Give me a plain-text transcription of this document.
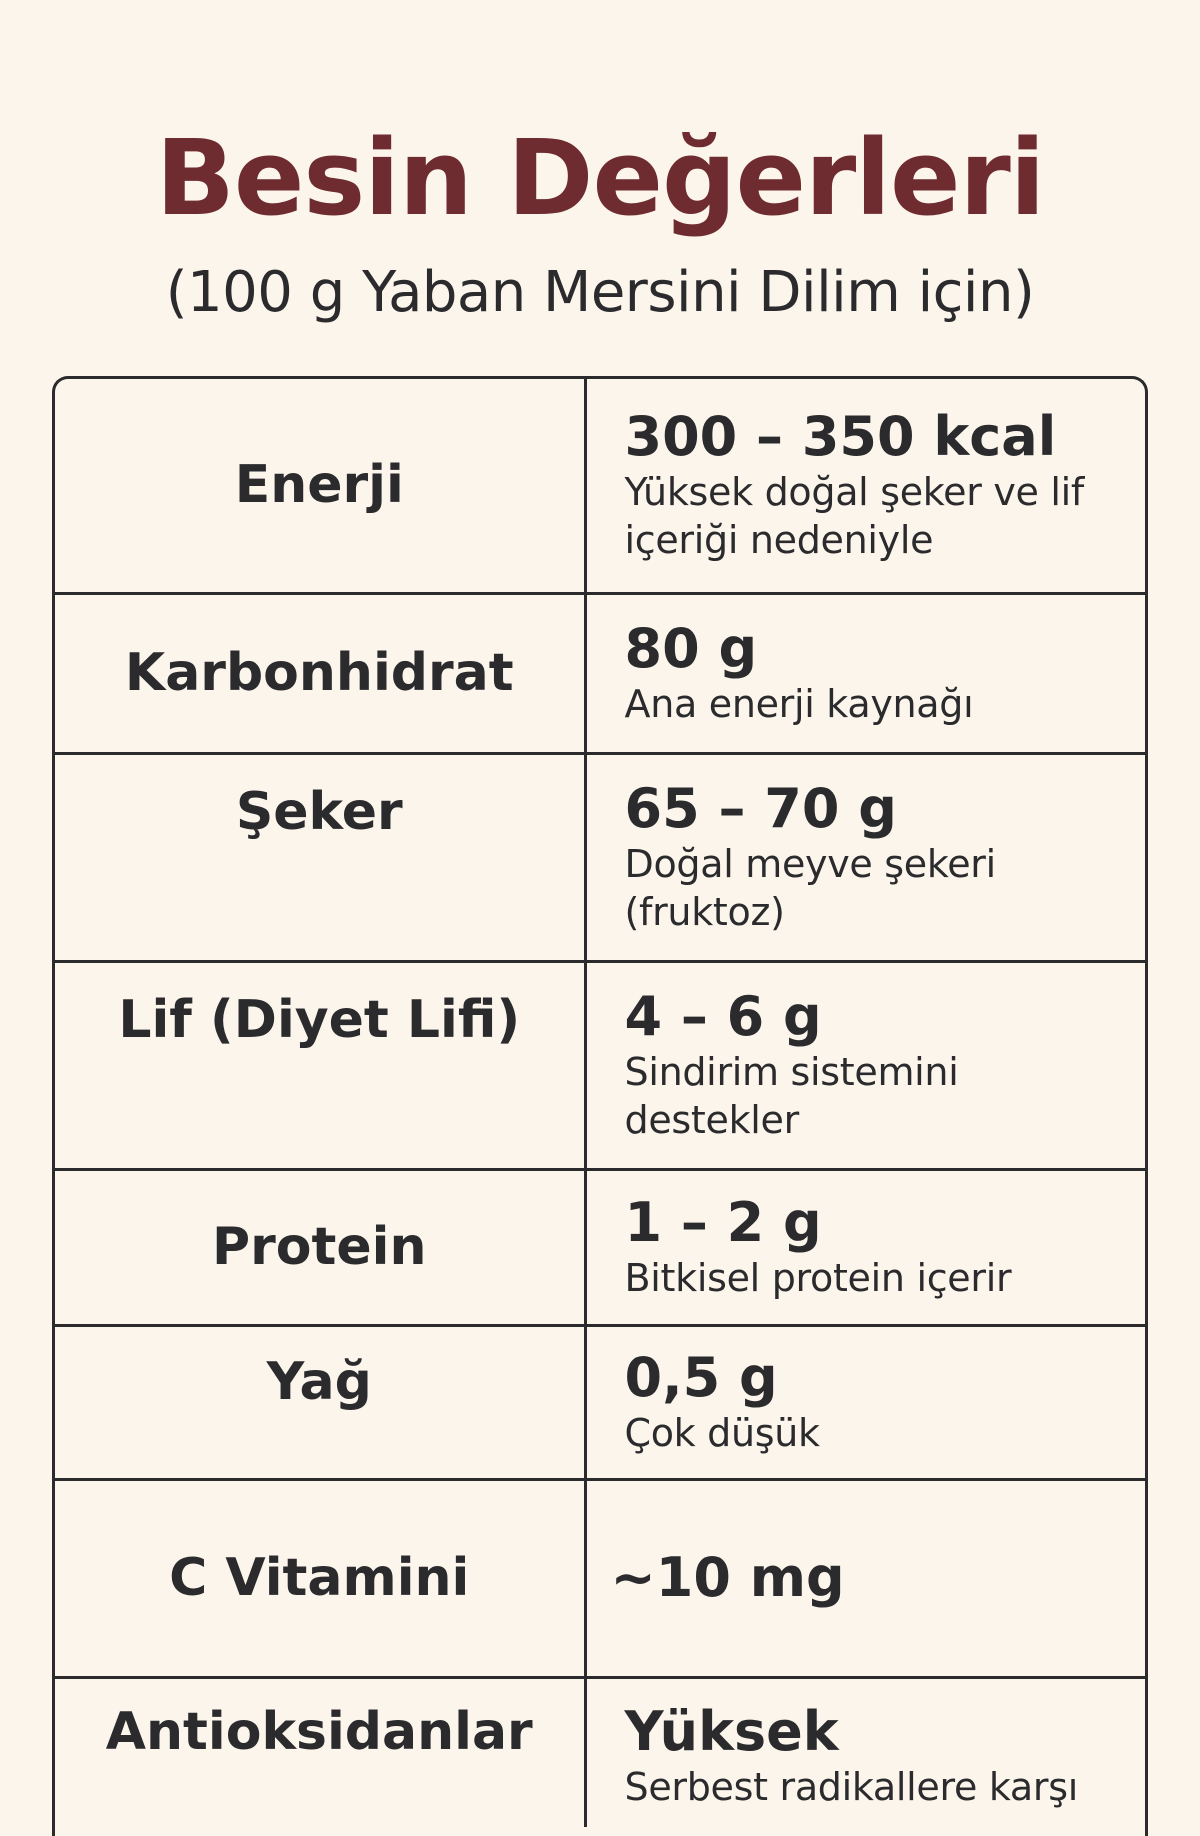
Besin Değerleri
(100 g Yaban Mersini Dilim için)
Enerji	300 – 350 kcal
Yüksek doğal şeker ve lif içeriği nedeniyle

Karbonhidrat	80 g
Ana enerji kaynağı

Şeker	65 – 70 g
Doğal meyve şekeri (fruktoz)

Lif (Diyet Lifi)	4 – 6 g
Sindirim sistemini destekler

Protein	1 – 2 g
Bitkisel protein içerir

Yağ	0,5 g
Çok düşük

C Vitamini	~10 mg

Antioksidanlar	Yüksek
Serbest radikallere karşı
